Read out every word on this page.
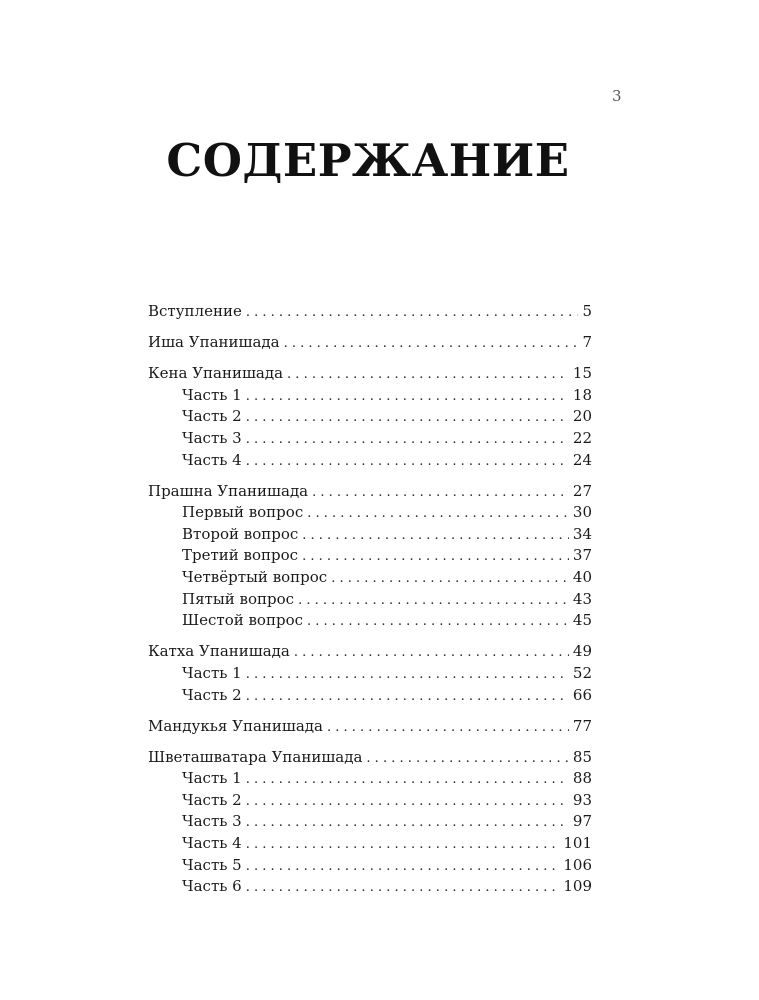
3
СОДЕРЖАНИЕ
Вступление . . .	5
Иша Упанишада . . .	7
Кена Упанишада . . .	15
Часть 1 . . .	18
Часть 2 . . .	20
Часть 3 . . .	22
Часть 4 . . .	24
Прашна Упанишада . . .	27
Первый вопрос . . .	30
Второй вопрос . . .	34
Третий вопрос . . .	37
Четвёртый вопрос . . .	40
Пятый вопрос . . .	43
Шестой вопрос . . .	45
Катха Упанишада . . .	49
Часть 1 . . .	52
Часть 2 . . .	66
Мандукья Упанишада . . .	77
Шветашватара Упанишада . . .	85
Часть 1 . . .	88
Часть 2 . . .	93
Часть 3 . . .	97
Часть 4 . . .	101
Часть 5 . . .	106
Часть 6 . . .	109
